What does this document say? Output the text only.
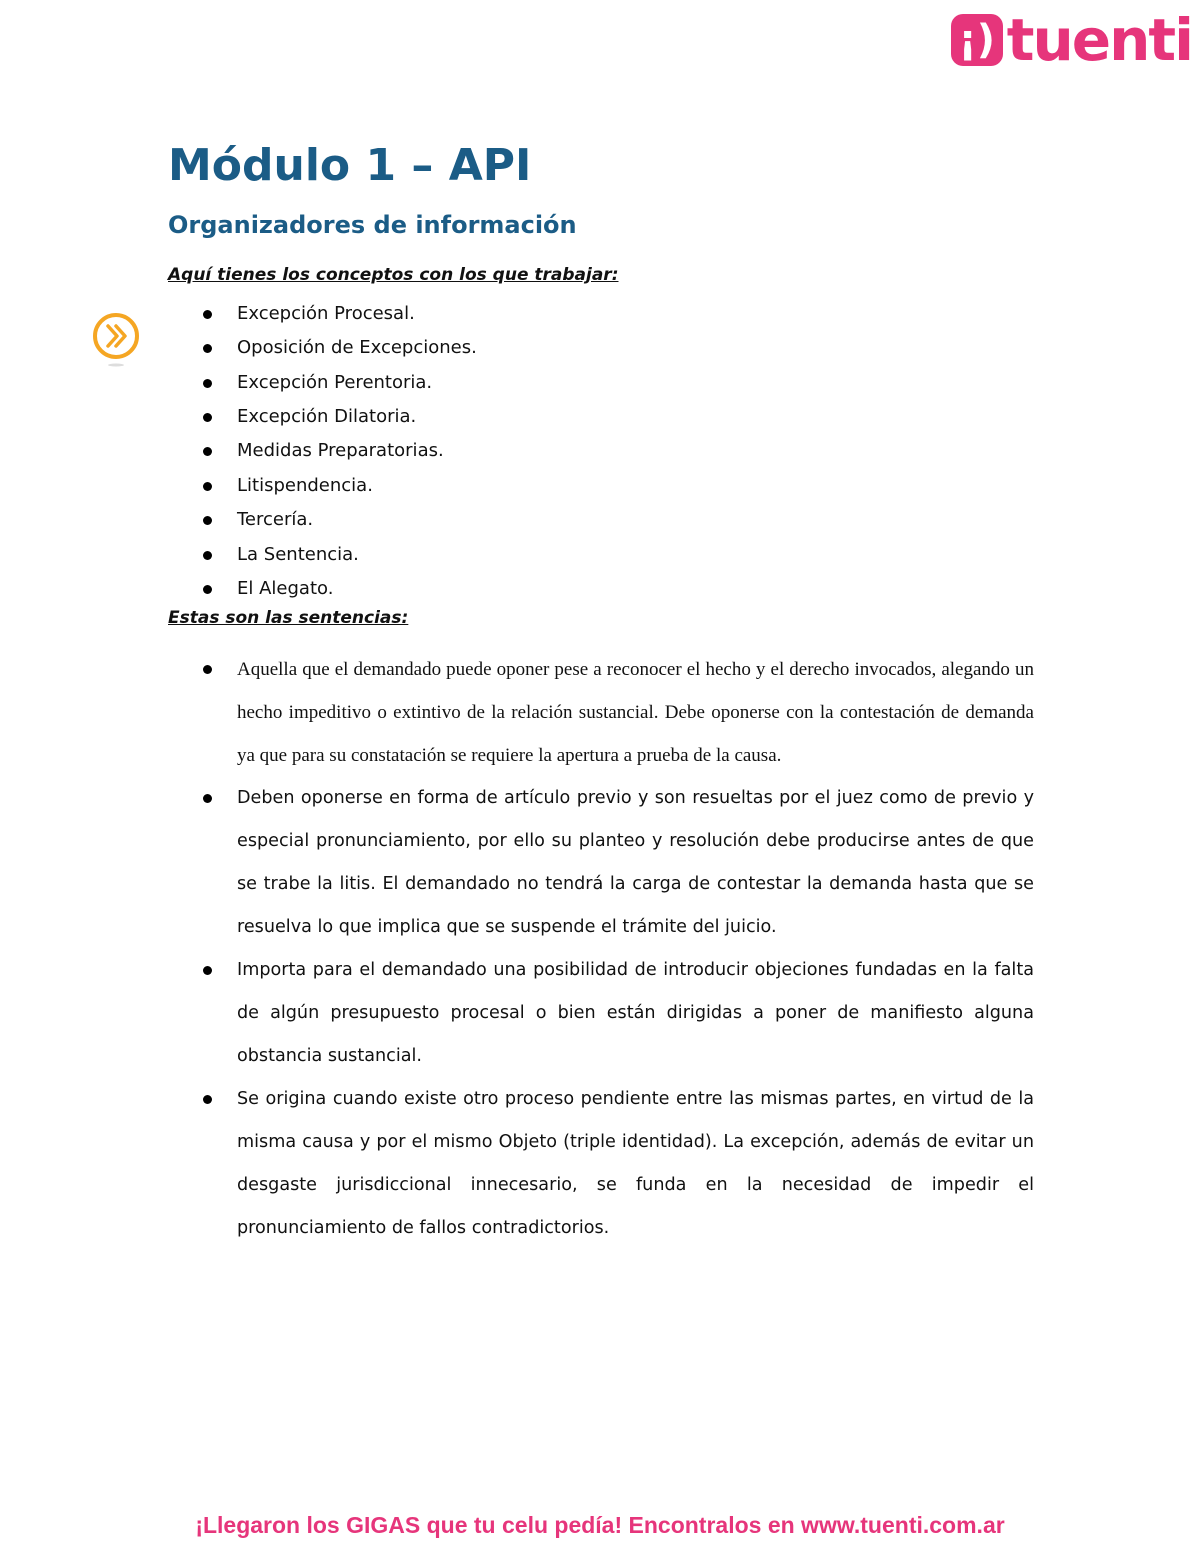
¡) tuenti
Módulo 1 – API
Organizadores de información

Aquí tienes los conceptos con los que trabajar:

Excepción Procesal.
Oposición de Excepciones.
Excepción Perentoria.
Excepción Dilatoria.
Medidas Preparatorias.
Litispendencia.
Tercería.
La Sentencia.
El Alegato.

Estas son las sentencias:

Aquella que el demandado puede oponer pese a reconocer el hecho y el derecho invocados, alegando un hecho impeditivo o extintivo de la relación sustancial. Debe oponerse con la contestación de demanda ya que para su constatación se requiere la apertura a prueba de la causa.
Deben oponerse en forma de artículo previo y son resueltas por el juez como de previo y especial pronunciamiento, por ello su planteo y resolución debe producirse antes de que se trabe la litis. El demandado no tendrá la carga de contestar la demanda hasta que se resuelva lo que implica que se suspende el trámite del juicio.
Importa para el demandado una posibilidad de introducir objeciones fundadas en la falta de algún presupuesto procesal o bien están dirigidas a poner de manifiesto alguna obstancia sustancial.
Se origina cuando existe otro proceso pendiente entre las mismas partes, en virtud de la misma causa y por el mismo Objeto (triple identidad). La excepción, además de evitar un desgaste jurisdiccional innecesario, se funda en la necesidad de impedir el pronunciamiento de fallos contradictorios.
¡Llegaron los GIGAS que tu celu pedía! Encontralos en www.tuenti.com.ar
